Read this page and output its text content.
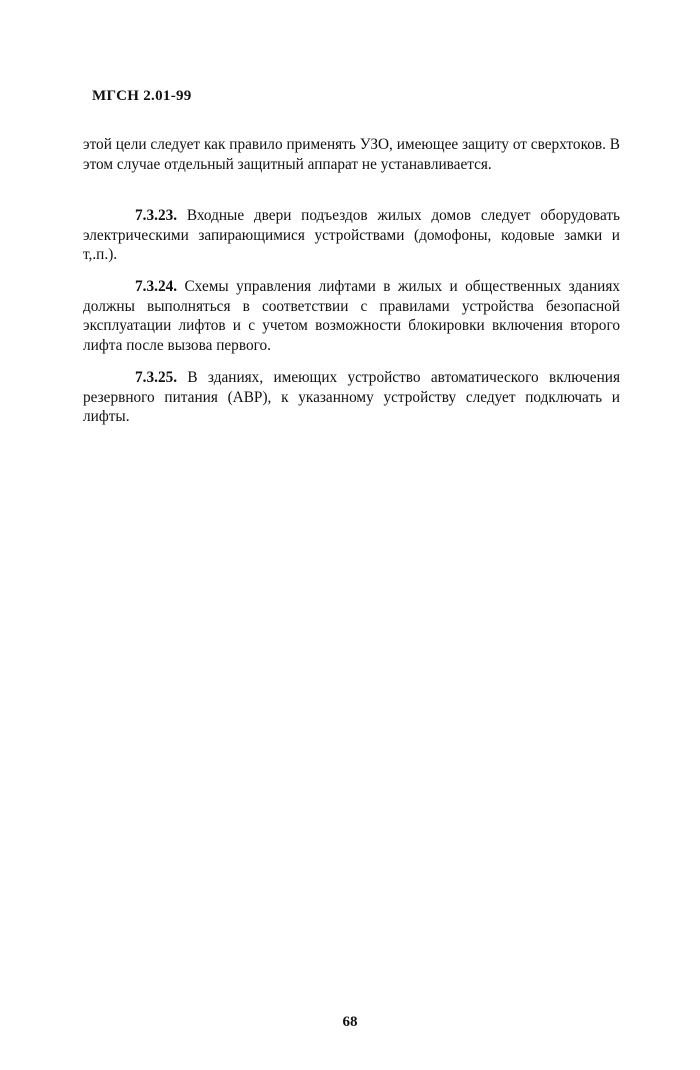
МГСН 2.01-99

этой цели следует как правило применять УЗО, имеющее защиту от сверхтоков. В этом случае отдельный защитный аппарат не устанавливается.

7.3.23. Входные двери подъездов жилых домов следует оборудовать электрическими запирающимися устройствами (домофоны, кодовые замки и т,.п.).

7.3.24. Схемы управления лифтами в жилых и общественных зданиях должны выполняться в соответствии с правилами устройства безопасной эксплуатации лифтов и с учетом возможности блокировки включения второго лифта после вызова первого.

7.3.25. В зданиях, имеющих устройство автоматического включения резервного питания (АВР), к указанному устройству следует подключать и лифты.

68
